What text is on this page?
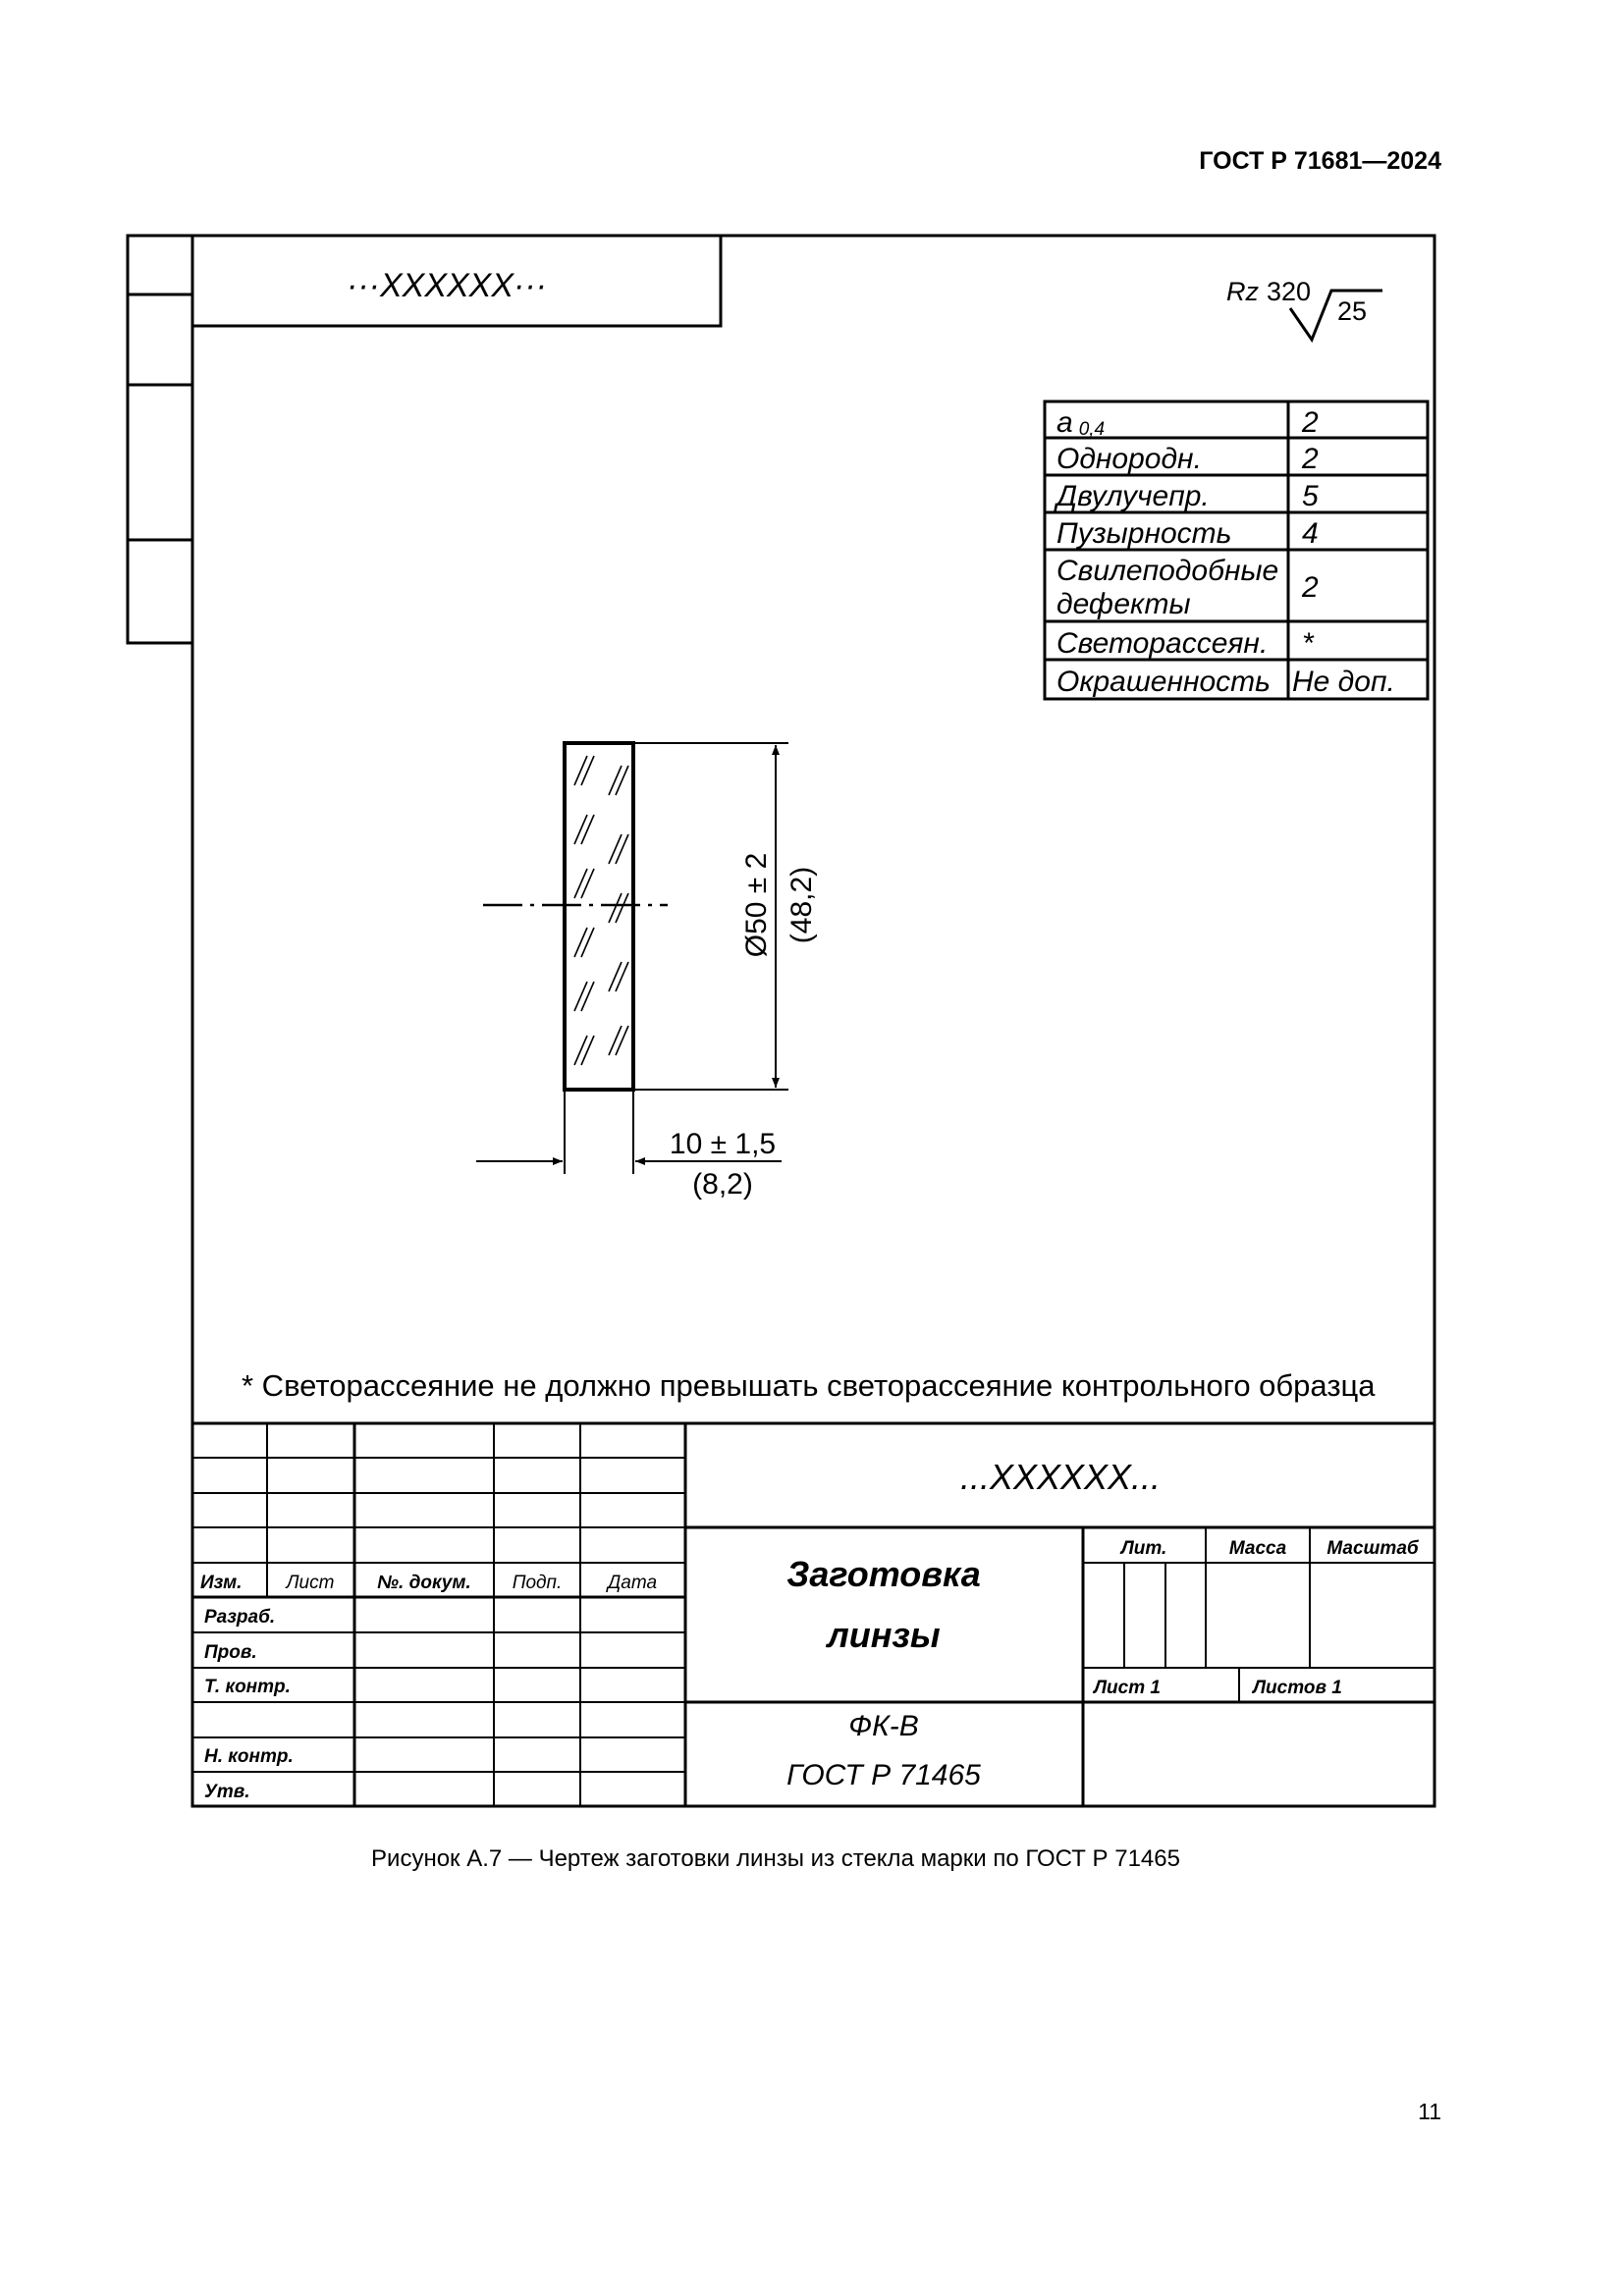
ГОСТ Р 71681—2024
···XXXXXX···	Rz 320
25
a 0,4	2
Однородн.	2
Двулучепр.	5
Пузырность 4
Свилеподобные
дефекты
2
Светорассеян. *
Окрашенность Не доп.
Ø50 ± 2 (48,2)
10 ± 1,5
(8,2)
* Светорассеяние не должно превышать светорассеяние контрольного образца
Изм. Лист №. докум. Подп. Дата
Разраб.
Пров.
Т. контр.
Н. контр.
Утв.
Лит.	Масса Масштаб
Лист 1	Листов 1
...XXXXXX...
Заготовка
линзы
ФК-В
ГОСТ Р 71465
Рисунок А.7 — Чертеж заготовки линзы из стекла марки по ГОСТ Р 71465
11
